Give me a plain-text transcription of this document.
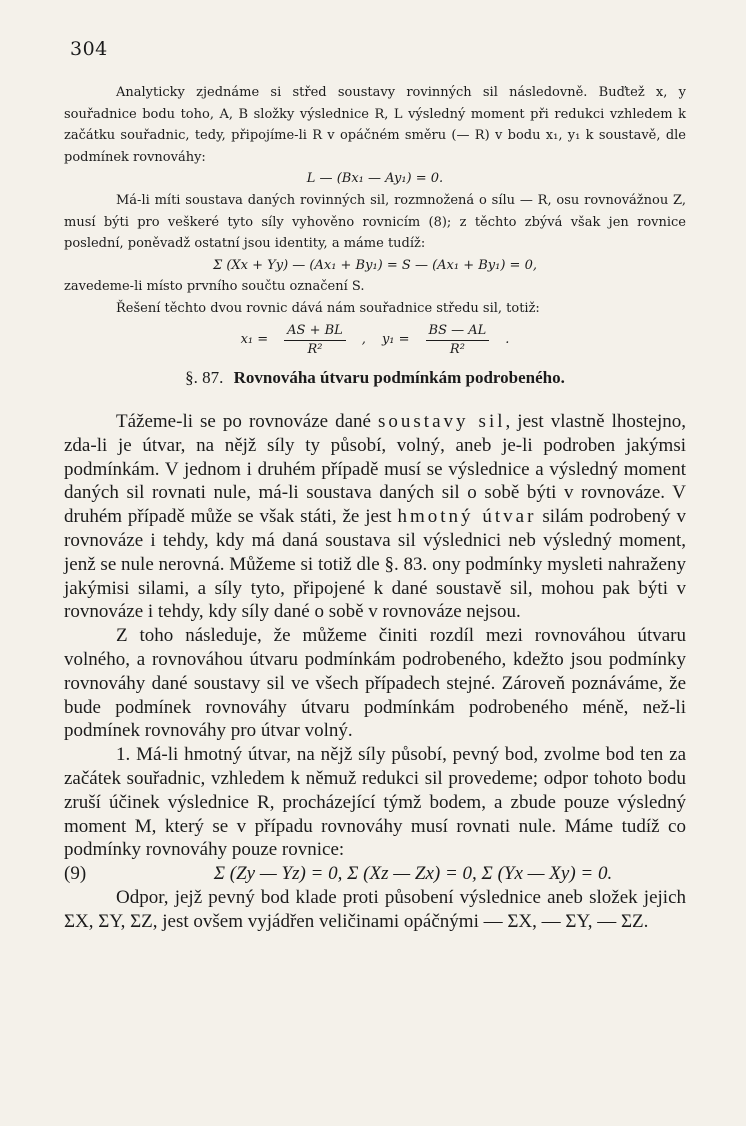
304

Analyticky zjednáme si střed soustavy rovinných sil následovně. Buďtež x, y souřadnice bodu toho, A, B složky výslednice R, L výsledný moment při redukci vzhledem k začátku souřadnic, tedy, připojíme-li R v opáčném směru (— R) v bodu x₁, y₁ k soustavě, dle podmínek rovnováhy:

L — (Bx₁ — Ay₁) = 0.

Má-li míti soustava daných rovinných sil, rozmnožená o sílu — R, osu rovnovážnou Z, musí býti pro veškeré tyto síly vyhověno rovnicím (8); z těchto zbývá však jen rovnice poslední, poněvadž ostatní jsou identity, a máme tudíž:

Σ (Xx + Yy) — (Ax₁ + By₁) = S — (Ax₁ + By₁) = 0,

zavedeme-li místo prvního součtu označení S.

Řešení těchto dvou rovnic dává nám souřadnice středu sil, totiž:

$x_1 = \frac{AS + BL}{\text{R²}}$ , $y_1 = \frac{BS — AL}{\text{R²}}$ .
§. 87. Rovnováha útvaru podmínkám podrobeného.

Tážeme-li se po rovnováze dané soustavy sil, jest vlastně lhostejno, zda-li je útvar, na nějž síly ty působí, volný, aneb je-li podroben jakýmsi podmínkám. V jednom i druhém případě musí se výslednice a výsledný moment daných sil rovnati nule, má-li soustava daných sil o sobě býti v rovnováze. V druhém případě může se však státi, že jest hmotný útvar silám podrobený v rovnováze i tehdy, kdy má daná soustava sil výslednici neb výsledný moment, jenž se nule nerovná. Můžeme si totiž dle §. 83. ony podmínky mysleti nahraženy jakýmisi silami, a síly tyto, připojené k dané soustavě sil, mohou pak býti v rovnováze i tehdy, kdy síly dané o sobě v rovnováze nejsou.

Z toho následuje, že můžeme činiti rozdíl mezi rovnováhou útvaru volného, a rovnováhou útvaru podmínkám podrobeného, kdežto jsou podmínky rovnováhy dané soustavy sil ve všech případech stejné. Zároveň poznáváme, že bude podmínek rovnováhy útvaru podmínkám podrobeného méně, než-li podmínek rovnováhy pro útvar volný.

1. Má-li hmotný útvar, na nějž síly působí, pevný bod, zvolme bod ten za začátek souřadnic, vzhledem k němuž redukci sil provedeme; odpor tohoto bodu zruší účinek výslednice R, procházející týmž bodem, a zbude pouze výsledný moment M, který se v případu rovnováhy musí rovnati nule. Máme tudíž co podmínky rovnováhy pouze rovnice:

(9)	Σ (Zy — Yz) = 0, Σ (Xz — Zx) = 0, Σ (Yx — Xy) = 0.

Odpor, jejž pevný bod klade proti působení výslednice aneb složek jejich ΣX, ΣY, ΣZ, jest ovšem vyjádřen veličinami opáčnými — ΣX, — ΣY, — ΣZ.
